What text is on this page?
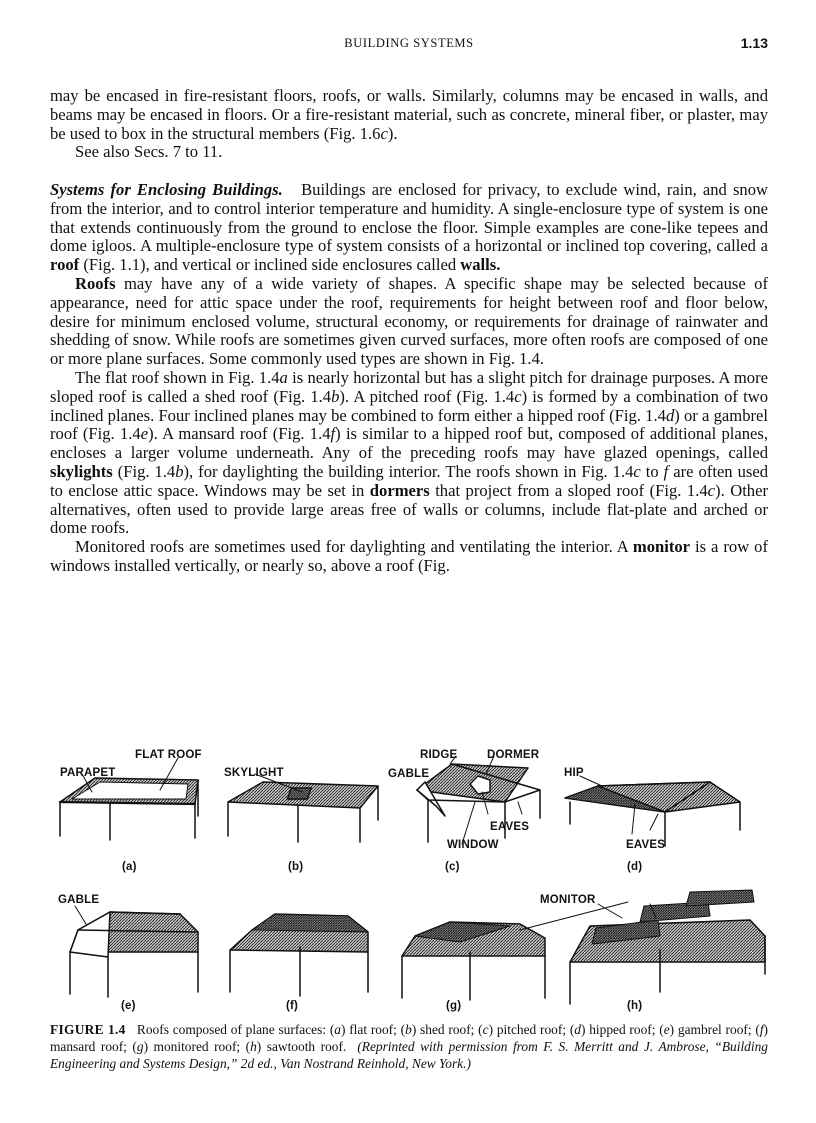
BUILDING SYSTEMS	1.13

may be encased in fire-resistant floors, roofs, or walls. Similarly, columns may be encased in walls, and beams may be encased in floors. Or a fire-resistant material, such as concrete, mineral fiber, or plaster, may be used to box in the structural members (Fig. 1.6c).

See also Secs. 7 to 11.

Systems for Enclosing Buildings. Buildings are enclosed for privacy, to exclude wind, rain, and snow from the interior, and to control interior temperature and humidity. A single-enclosure type of system is one that extends continuously from the ground to enclose the floor. Simple examples are cone-like tepees and dome igloos. A multiple-enclosure type of system consists of a horizontal or inclined top covering, called a roof (Fig. 1.1), and vertical or inclined side enclosures called walls.

Roofs may have any of a wide variety of shapes. A specific shape may be selected because of appearance, need for attic space under the roof, requirements for height between roof and floor below, desire for minimum enclosed volume, structural economy, or requirements for drainage of rainwater and shedding of snow. While roofs are sometimes given curved surfaces, more often roofs are composed of one or more plane surfaces. Some commonly used types are shown in Fig. 1.4.

The flat roof shown in Fig. 1.4a is nearly horizontal but has a slight pitch for drainage purposes. A more sloped roof is called a shed roof (Fig. 1.4b). A pitched roof (Fig. 1.4c) is formed by a combination of two inclined planes. Four inclined planes may be combined to form either a hipped roof (Fig. 1.4d) or a gambrel roof (Fig. 1.4e). A mansard roof (Fig. 1.4f) is similar to a hipped roof but, composed of additional planes, encloses a larger volume underneath. Any of the preceding roofs may have glazed openings, called skylights (Fig. 1.4b), for daylighting the building interior. The roofs shown in Fig. 1.4c to f are often used to enclose attic space. Windows may be set in dormers that project from a sloped roof (Fig. 1.4c). Other alternatives, often used to provide large areas free of walls or columns, include flat-plate and arched or dome roofs.

Monitored roofs are sometimes used for daylighting and ventilating the interior. A monitor is a row of windows installed vertically, or nearly so, above a roof (Fig.

FLAT ROOF
PARAPET	SKYLIGHT
RIDGE	DORMER
GABLE	HIP
EAVES
WINDOW	EAVES
GABLE	MONITOR
(a)	(b)	(c)	(d)
(e)	(f)	(g)	(h)
FIGURE 1.4 Roofs composed of plane surfaces: (a) flat roof; (b) shed roof; (c) pitched roof; (d) hipped roof; (e) gambrel roof; (f) mansard roof; (g) monitored roof; (h) sawtooth roof. (Reprinted with permission from F. S. Merritt and J. Ambrose, “Building Engineering and Systems Design,” 2d ed., Van Nostrand Reinhold, New York.)
